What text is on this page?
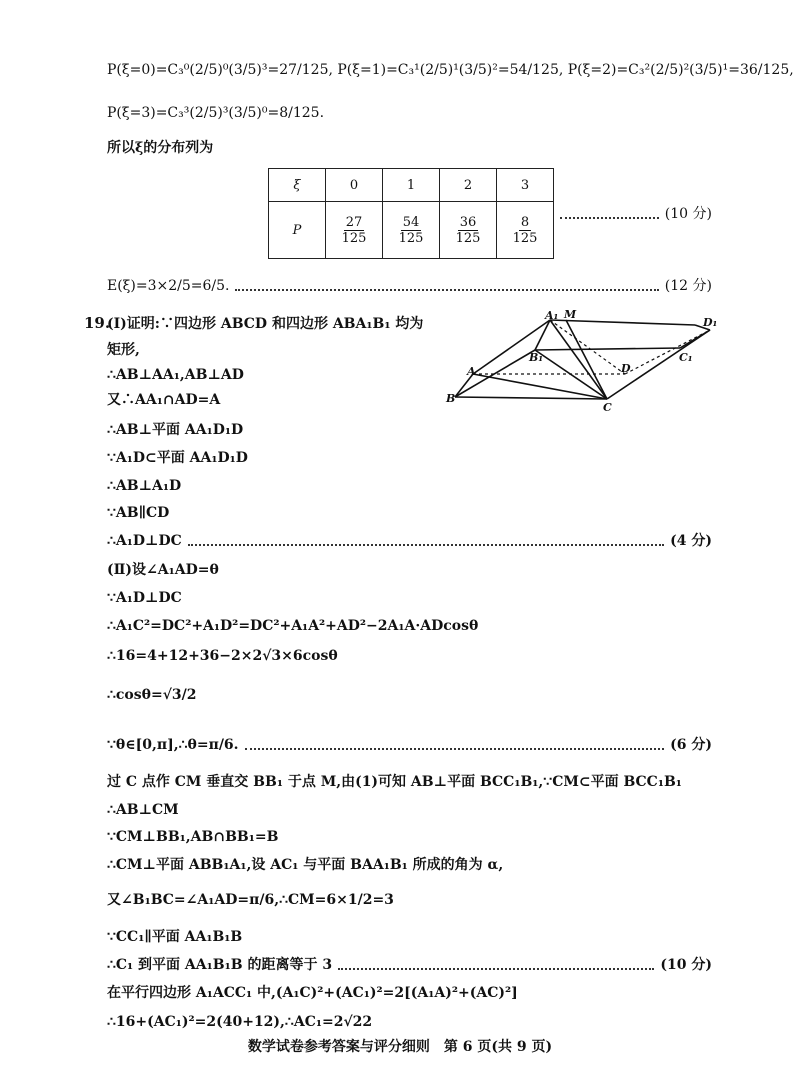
P(ξ=0)=C₃⁰(2/5)⁰(3/5)³=27/125, P(ξ=1)=C₃¹(2/5)¹(3/5)²=54/125, P(ξ=2)=C₃²(2/5)²(3/5)¹=36/125,
P(ξ=3)=C₃³(2/5)³(3/5)⁰=8/125.
所以ξ的分布列为
ξ	0	1	2	3
P	$\frac{27}{125}$	$\frac{54}{125}$	$\frac{36}{125}$	$\frac{8}{125}$
(10 分)
E(ξ)=3×2/5=6/5.	(12 分)
19.
(Ⅰ)证明:∵四边形 ABCD 和四边形 ABA₁B₁ 均为
矩形,
A₁ M
D₁
B₁	C₁
A	D
B
C
∴AB⊥AA₁,AB⊥AD
又∴AA₁∩AD=A
∴AB⊥平面 AA₁D₁D
∵A₁D⊂平面 AA₁D₁D
∴AB⊥A₁D
∵AB∥CD
∴A₁D⊥DC	(4 分)
(Ⅱ)设∠A₁AD=θ
∵A₁D⊥DC
∴A₁C²=DC²+A₁D²=DC²+A₁A²+AD²−2A₁A·ADcosθ
∴16=4+12+36−2×2√3×6cosθ
∴cosθ=√3/2
∵θ∈[0,π],∴θ=π/6.	(6 分)
过 C 点作 CM 垂直交 BB₁ 于点 M,由(1)可知 AB⊥平面 BCC₁B₁,∵CM⊂平面 BCC₁B₁
∴AB⊥CM
∵CM⊥BB₁,AB∩BB₁=B
∴CM⊥平面 ABB₁A₁,设 AC₁ 与平面 BAA₁B₁ 所成的角为 α,
又∠B₁BC=∠A₁AD=π/6,∴CM=6×1/2=3
∵CC₁∥平面 AA₁B₁B
∴C₁ 到平面 AA₁B₁B 的距离等于 3	(10 分)
在平行四边形 A₁ACC₁ 中,(A₁C)²+(AC₁)²=2[(A₁A)²+(AC)²]
∴16+(AC₁)²=2(40+12),∴AC₁=2√22
数学试卷参考答案与评分细则　第 6 页(共 9 页)
